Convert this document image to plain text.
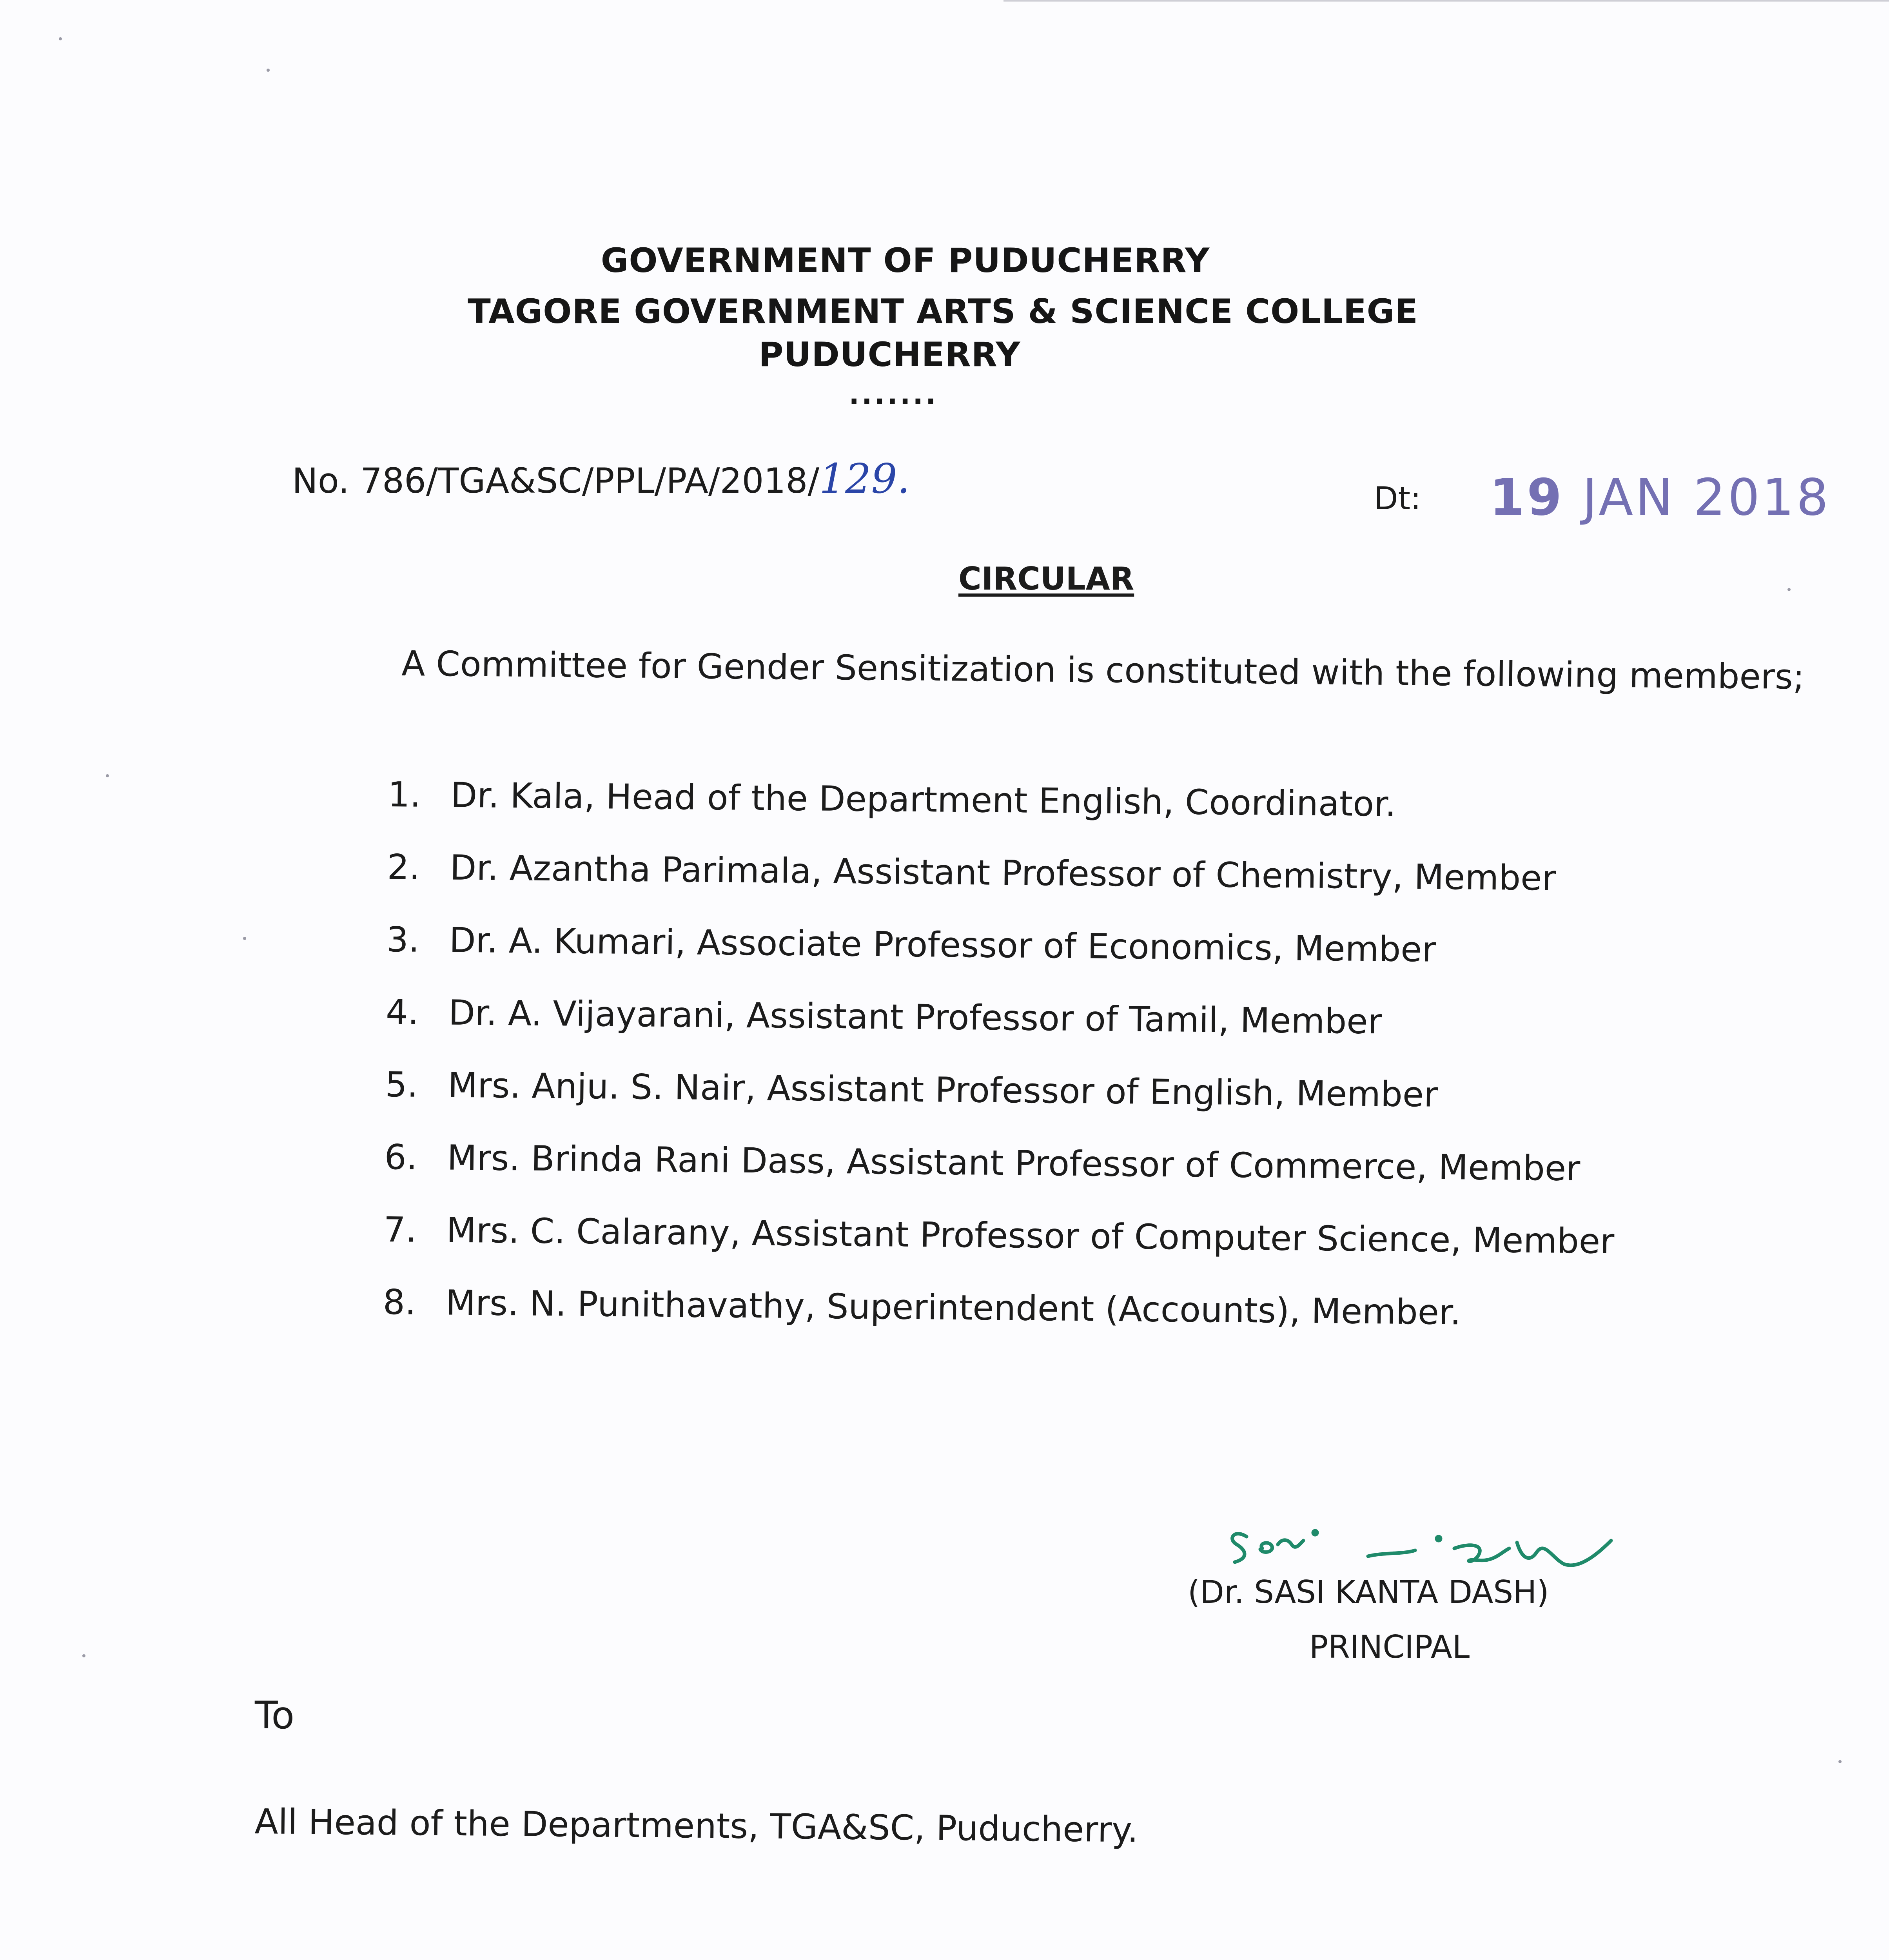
GOVERNMENT OF PUDUCHERRY
TAGORE GOVERNMENT ARTS & SCIENCE COLLEGE
PUDUCHERRY
.......
No. 786/TGA&SC/PPL/PA/2018/129.	Dt: 19 JAN 2018
CIRCULAR
A Committee for Gender Sensitization is constituted with the following members;
1. Dr. Kala, Head of the Department English, Coordinator.
2. Dr. Azantha Parimala, Assistant Professor of Chemistry, Member
3. Dr. A. Kumari, Associate Professor of Economics, Member
4. Dr. A. Vijayarani, Assistant Professor of Tamil, Member
5. Mrs. Anju. S. Nair, Assistant Professor of English, Member
6. Mrs. Brinda Rani Dass, Assistant Professor of Commerce, Member
7. Mrs. C. Calarany, Assistant Professor of Computer Science, Member
8. Mrs. N. Punithavathy, Superintendent (Accounts), Member.
(Dr. SASI KANTA DASH)
PRINCIPAL
To
All Head of the Departments, TGA&SC, Puducherry.
